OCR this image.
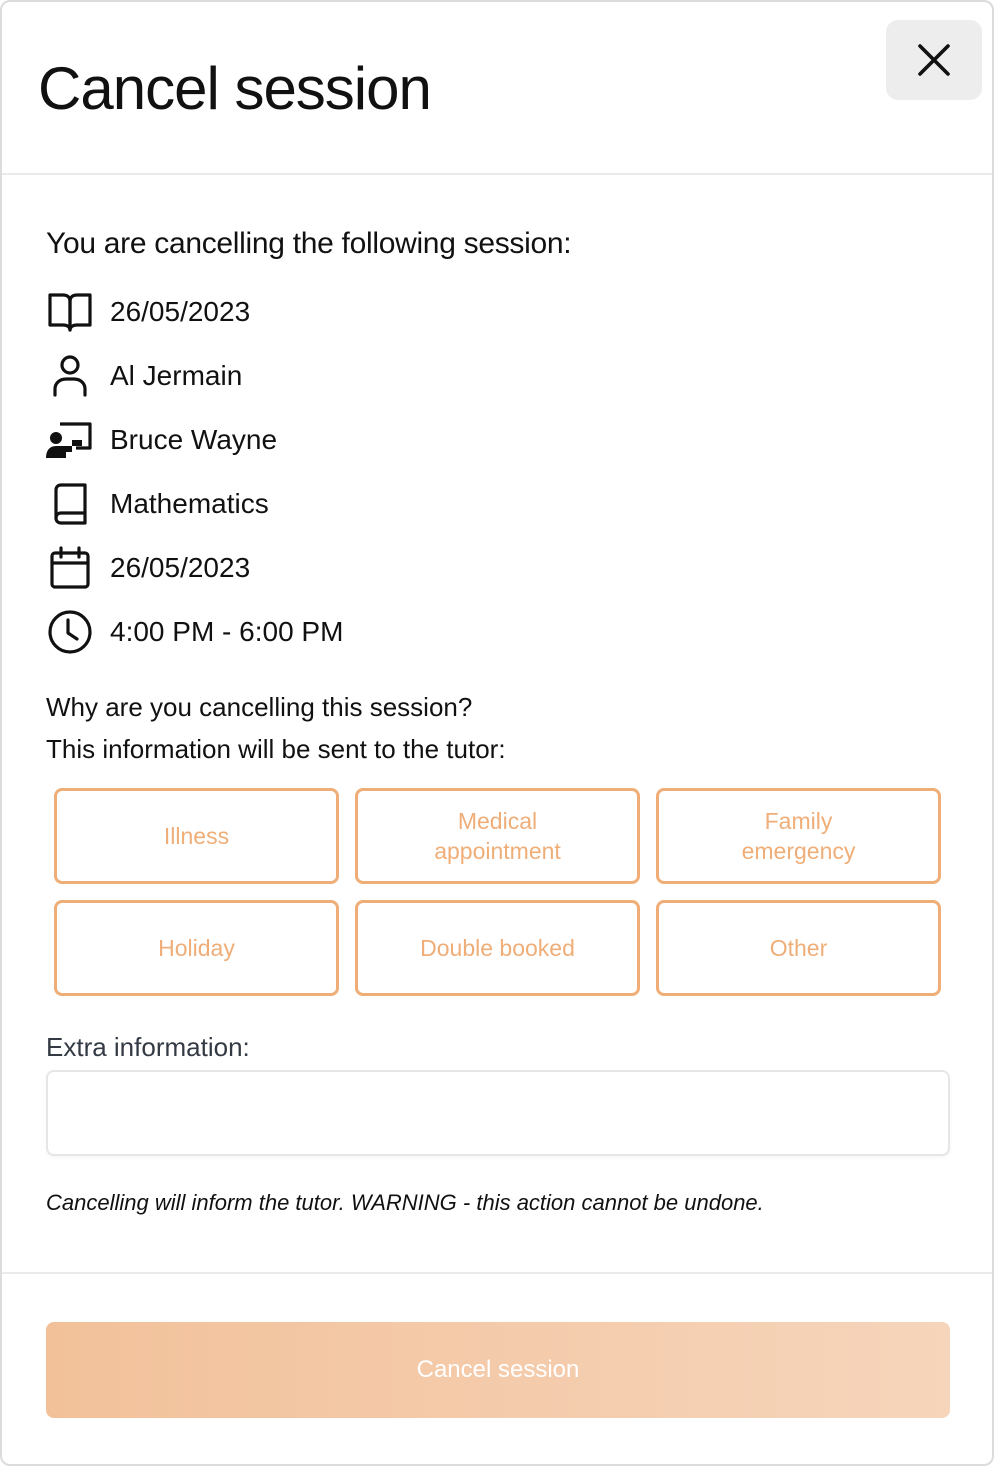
Cancel session

You are cancelling the following session:

26/05/2023
Al Jermain
Bruce Wayne
Mathematics
26/05/2023
4:00 PM - 6:00 PM

Why are you cancelling this session?

This information will be sent to the tutor:

Illness
Medical appointment
Family emergency
Holiday	Double booked	Other
Extra information:

Cancelling will inform the tutor. WARNING - this action cannot be undone.

Cancel session
